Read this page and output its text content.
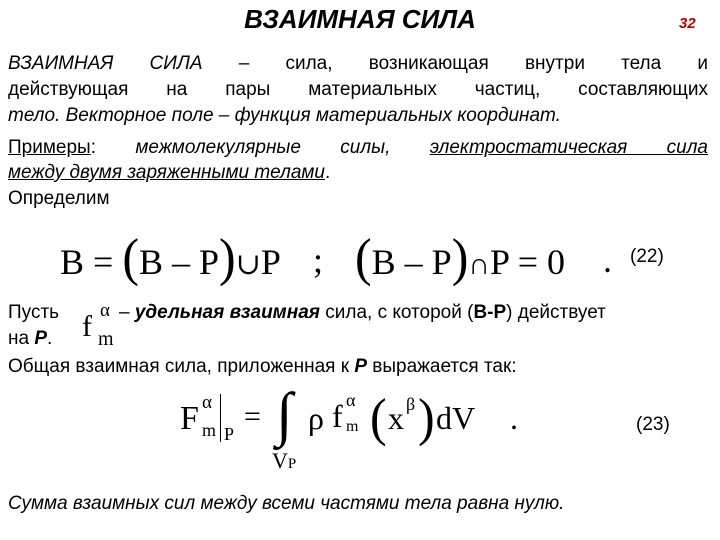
ВЗАИМНАЯ СИЛА	32
ВЗАИМНАЯ СИЛА – сила, возникающая внутри тела и
действующая на пары материальных частиц, составляющих
тело. Векторное поле – функция материальных координат.
Примеры: межмолекулярные силы, электростатическая сила
между двумя заряженными телами.
Определим
B = (B – P)∪P ; (B – P)∩P = 0 . (22)
Пусть f α
m
– удельная взаимная сила, с которой (B-P) действует
на P.
Общая взаимная сила, приложенная к P выражается так:
F α
m P
= ∫ ρ f α
m ( x β ) dV
VP
.	(23)
Сумма взаимных сил между всеми частями тела равна нулю.
